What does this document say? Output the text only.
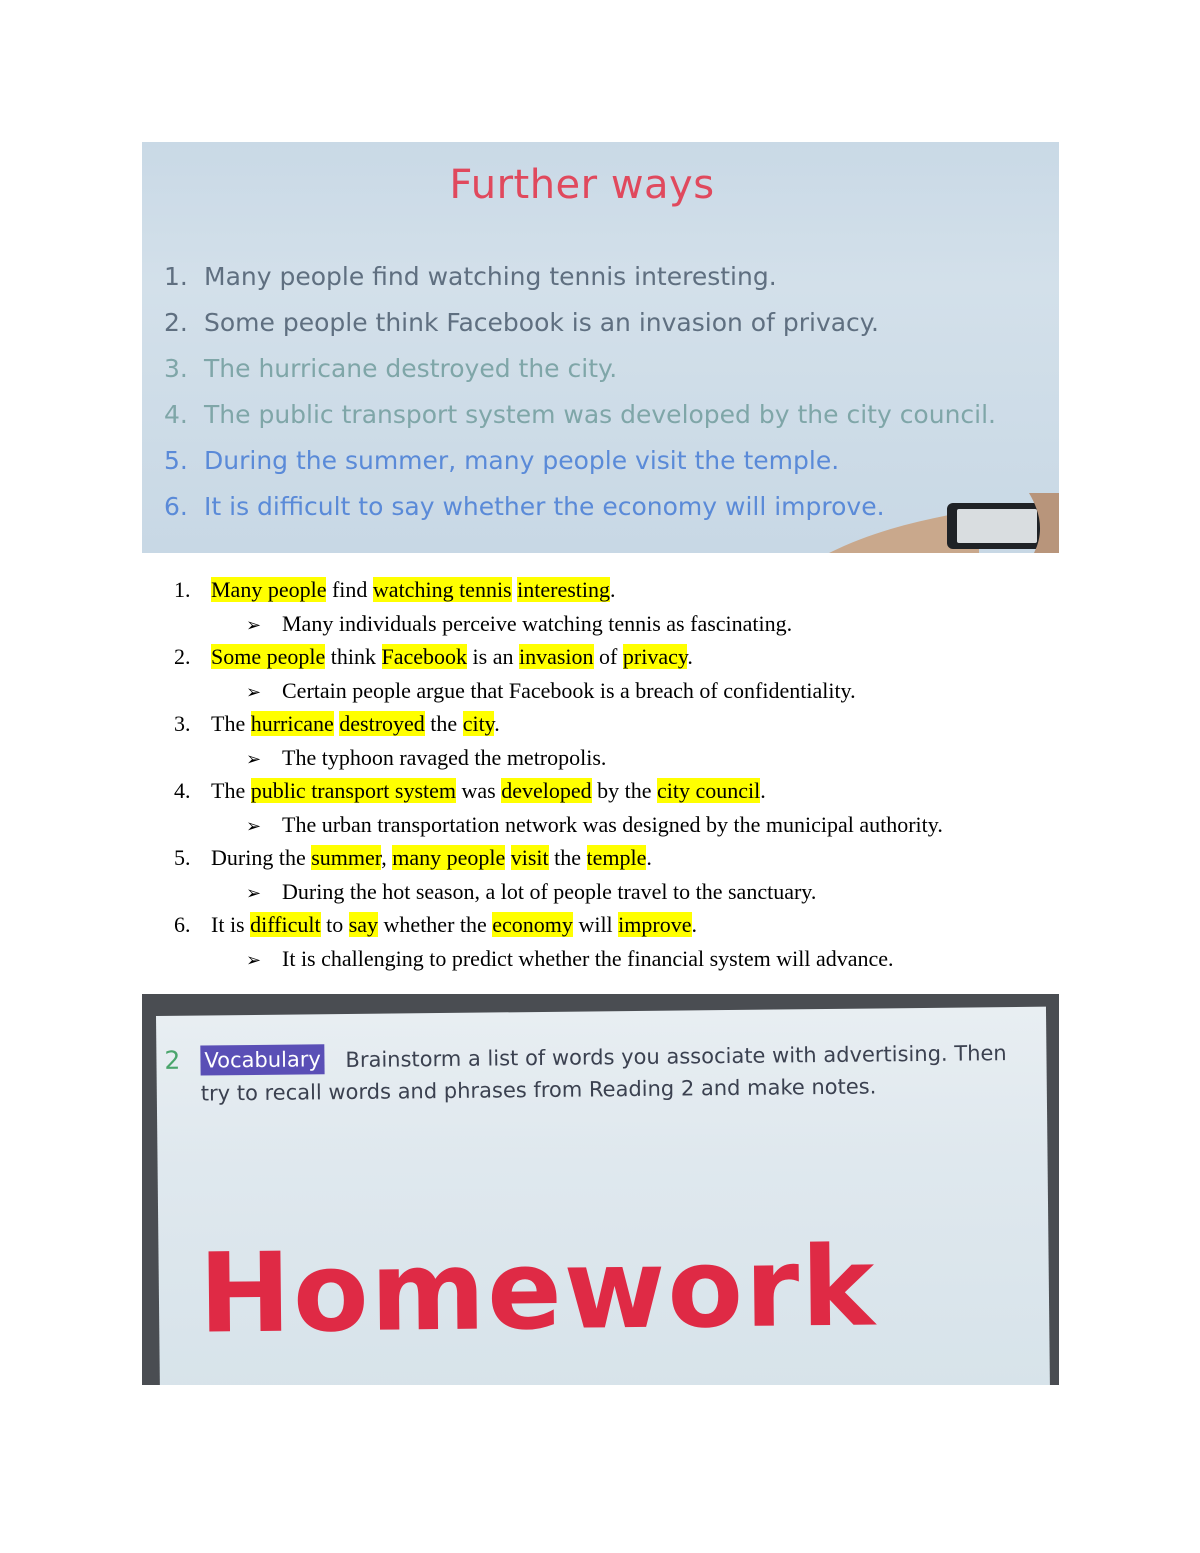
Further ways
1. Many people find watching tennis interesting.
2. Some people think Facebook is an invasion of privacy.
3. The hurricane destroyed the city.
4. The public transport system was developed by the city council.
5. During the summer, many people visit the temple.
6. It is difficult to say whether the economy will improve.
1. Many people find watching tennis interesting.
➢ Many individuals perceive watching tennis as fascinating.
2. Some people think Facebook is an invasion of privacy.
➢ Certain people argue that Facebook is a breach of confidentiality.
3. The hurricane destroyed the city.
➢ The typhoon ravaged the metropolis.
4. The public transport system was developed by the city council.
➢ The urban transportation network was designed by the municipal authority.
5. During the summer, many people visit the temple.
➢ During the hot season, a lot of people travel to the sanctuary.
6. It is difficult to say whether the economy will improve.
➢ It is challenging to predict whether the financial system will advance.
2	Brainstorm a list of words you associate with advertising. Then try to recall words and phrases from Reading 2 and make notes.
Vocabulary
Homework
